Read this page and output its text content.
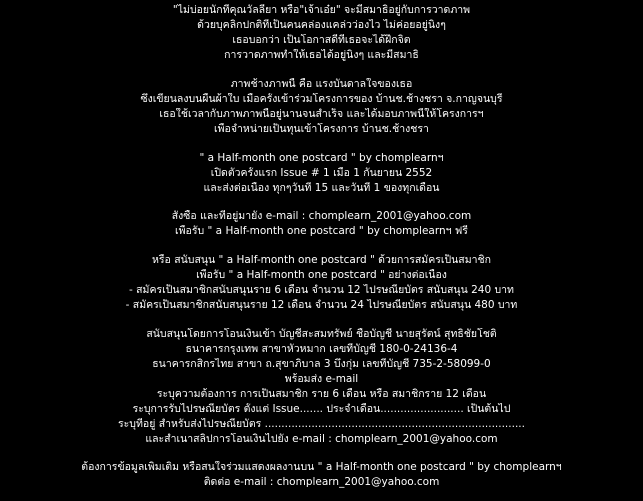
"ไม่บ่อยนักที่คุณวัลลียา หรือ"เจ้าเอ๋ย" จะมีสมาธิอยู่กับการวาดภาพ
ด้วยบุคลิกปกติที่เป็นคนคล่องแคล่วว่องไว ไม่ค่อยอยู่นิ่งๆ
เธอบอกว่า เป็นโอกาสดีที่เธอจะได้ฝึกจิต
การวาดภาพทำให้เธอได้อยู่นิ่งๆ และมีสมาธิ
ภาพช้างภาพนี้ คือ แรงบันดาลใจของเธอ
ซึ่งเขียนลงบนผืนผ้าใบ เมื่อครั้งเข้าร่วมโครงการของ บ้านช.ช้างชรา จ.กาญจนบุรี
เธอใช้เวลากับภาพภาพนี้อยู่นานจนสำเร็จ และได้มอบภาพนี้ให้โครงการฯ
เพื่อจำหน่ายเป็นทุนเข้าโครงการ บ้านช.ช้างชรา
" a Half-month one postcard " by chomplearnฯ
เปิดตัวครั้งแรก Issue # 1 เมื่อ 1 กันยายน 2552
และส่งต่อเนื่อง ทุกๆวันที่ 15 และวันที่ 1 ของทุกเดือน
สั่งซื้อ และที่อยู่มายัง e-mail : chomplearn_2001@yahoo.com
เพื่อรับ " a Half-month one postcard " by chomplearnฯ ฟรี
หรือ สนับสนุน " a Half-month one postcard " ด้วยการสมัครเป็นสมาชิก
เพื่อรับ " a Half-month one postcard " อย่างต่อเนื่อง
- สมัครเป็นสมาชิกสนับสนุนราย 6 เดือน จำนวน 12 ไปรษณียบัตร สนับสนุน 240 บาท
- สมัครเป็นสมาชิกสนับสนุนราย 12 เดือน จำนวน 24 ไปรษณียบัตร สนับสนุน 480 บาท
สนับสนุนโดยการโอนเงินเข้า บัญชีสะสมทรัพย์ ชื่อบัญชี นายสุรัตน์ สุทธิชัยโชติ
ธนาคารกรุงเทพ สาขาหัวหมาก เลขที่บัญชี 180-0-24136-4
ธนาคารกสิกรไทย สาขา ถ.สุขาภิบาล 3 บึงกุ่ม เลขที่บัญชี 735-2-58099-0
พร้อมส่ง e-mail
ระบุความต้องการ การเป็นสมาชิก ราย 6 เดือน หรือ สมาชิกราย 12 เดือน
ระบุการรับไปรษณียบัตร ตั้งแต่ Issue....... ประจำเดือน......................... เป็นต้นไป
ระบุที่อยู่ สำหรับส่งไปรษณียบัตร ..............................................................................
และสำเนาสลิปการโอนเงินไปยัง e-mail : chomplearn_2001@yahoo.com
ต้องการข้อมูลเพิ่มเติม หรือสนใจร่วมแสดงผลงานบน " a Half-month one postcard " by chomplearnฯ
ติดต่อ e-mail : chomplearn_2001@yahoo.com
